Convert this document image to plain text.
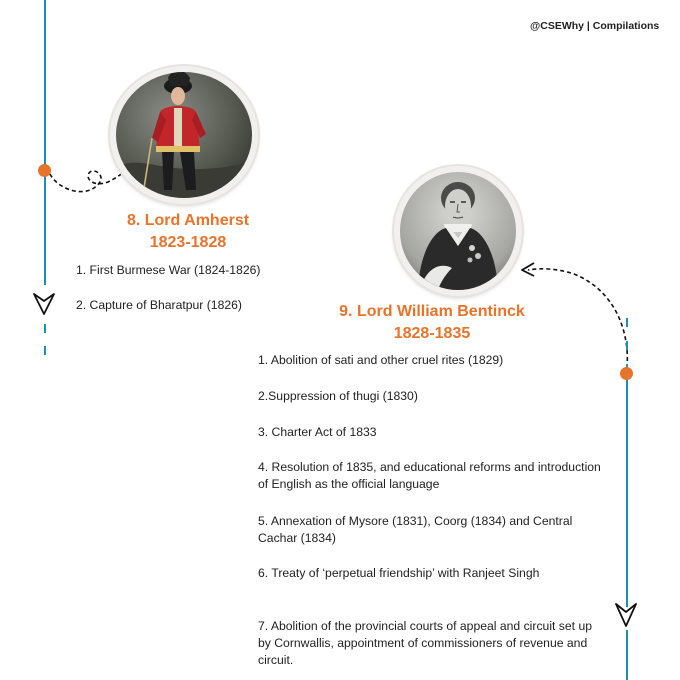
@CSEWhy | Compilations
8. Lord Amherst
1823-1828
1. First Burmese War (1824-1826)
2. Capture of Bharatpur (1826)	9. Lord William Bentinck
1828-1835
1. Abolition of sati and other cruel rites (1829)
2.Suppression of thugi (1830)
3. Charter Act of 1833
4. Resolution of 1835, and educational reforms and introduction of English as the official language
5. Annexation of Mysore (1831), Coorg (1834) and Central Cachar (1834)
6. Treaty of ‘perpetual friendship’ with Ranjeet Singh
7. Abolition of the provincial courts of appeal and circuit set up by Cornwallis, appointment of commissioners of revenue and circuit.
